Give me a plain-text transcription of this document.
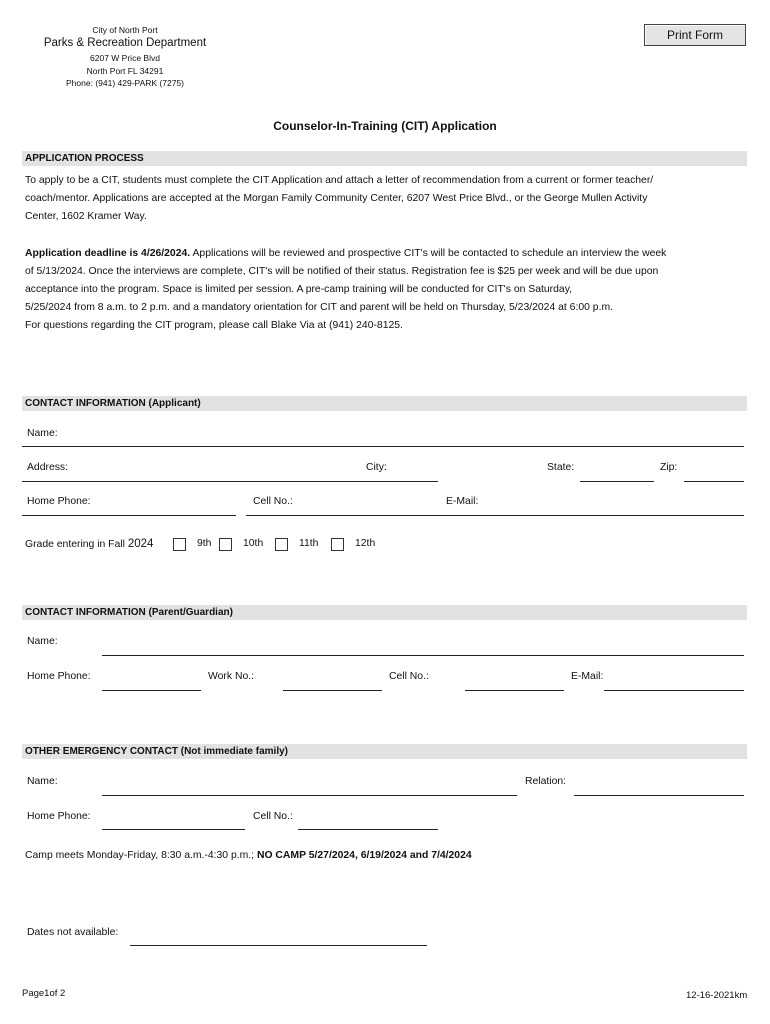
City of North Port
Parks & Recreation Department
6207 W Price Blvd
North Port FL 34291
Phone: (941) 429-PARK (7275)
Print Form
Counselor-In-Training (CIT) Application
APPLICATION PROCESS
To apply to be a CIT, students must complete the CIT Application and attach a letter of recommendation from a current or former teacher/
coach/mentor. Applications are accepted at the Morgan Family Community Center, 6207 West Price Blvd., or the George Mullen Activity
Center, 1602 Kramer Way.
Application deadline is 4/26/2024. Applications will be reviewed and prospective CIT's will be contacted to schedule an interview the week
of 5/13/2024. Once the interviews are complete, CIT's will be notified of their status. Registration fee is $25 per week and will be due upon
acceptance into the program. Space is limited per session. A pre-camp training will be conducted for CIT's on Saturday,
5/25/2024 from 8 a.m. to 2 p.m. and a mandatory orientation for CIT and parent will be held on Thursday, 5/23/2024 at 6:00 p.m.
For questions regarding the CIT program, please call Blake Via at (941) 240-8125.
CONTACT INFORMATION (Applicant)
Name:
Address:	City:	State:	Zip:
Home Phone:	Cell No.:	E-Mail:
Grade entering in Fall 2024	9th	10th	11th	12th
CONTACT INFORMATION (Parent/Guardian)
Name:
Home Phone:	Work No.:	Cell No.:	E-Mail:
OTHER EMERGENCY CONTACT (Not immediate family)
Name:	Relation:
Home Phone:	Cell No.:
Camp meets Monday-Friday, 8:30 a.m.-4:30 p.m.; NO CAMP 5/27/2024, 6/19/2024 and 7/4/2024
Dates not available:
Page1of 2	12-16-2021km
